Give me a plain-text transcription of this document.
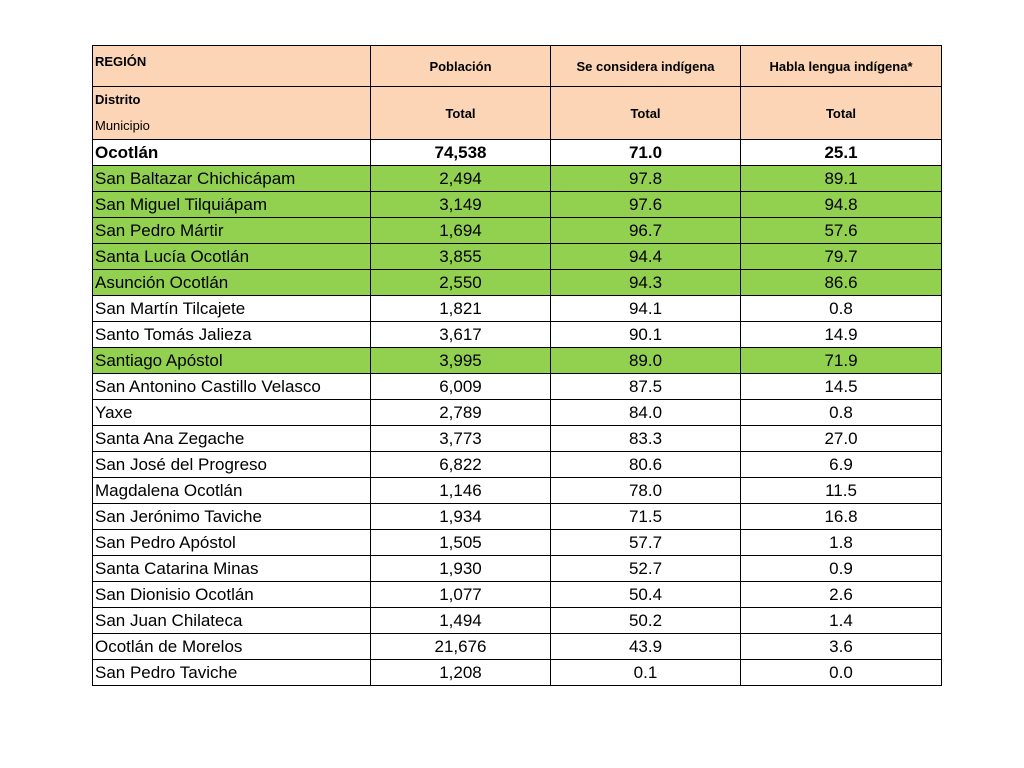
REGIÓN	Población	Se considera indígena	Habla lengua indígena*

Distrito
Municipio	Total	Total	Total
Ocotlán	74,538	71.0	25.1
San Baltazar Chichicápam	2,494	97.8	89.1
San Miguel Tilquiápam	3,149	97.6	94.8
San Pedro Mártir	1,694	96.7	57.6
Santa Lucía Ocotlán	3,855	94.4	79.7
Asunción Ocotlán	2,550	94.3	86.6
San Martín Tilcajete	1,821	94.1	0.8
Santo Tomás Jalieza	3,617	90.1	14.9
Santiago Apóstol	3,995	89.0	71.9
San Antonino Castillo Velasco	6,009	87.5	14.5
Yaxe	2,789	84.0	0.8
Santa Ana Zegache	3,773	83.3	27.0
San José del Progreso	6,822	80.6	6.9
Magdalena Ocotlán	1,146	78.0	11.5
San Jerónimo Taviche	1,934	71.5	16.8
San Pedro Apóstol	1,505	57.7	1.8
Santa Catarina Minas	1,930	52.7	0.9
San Dionisio Ocotlán	1,077	50.4	2.6
San Juan Chilateca	1,494	50.2	1.4
Ocotlán de Morelos	21,676	43.9	3.6
San Pedro Taviche	1,208	0.1	0.0
